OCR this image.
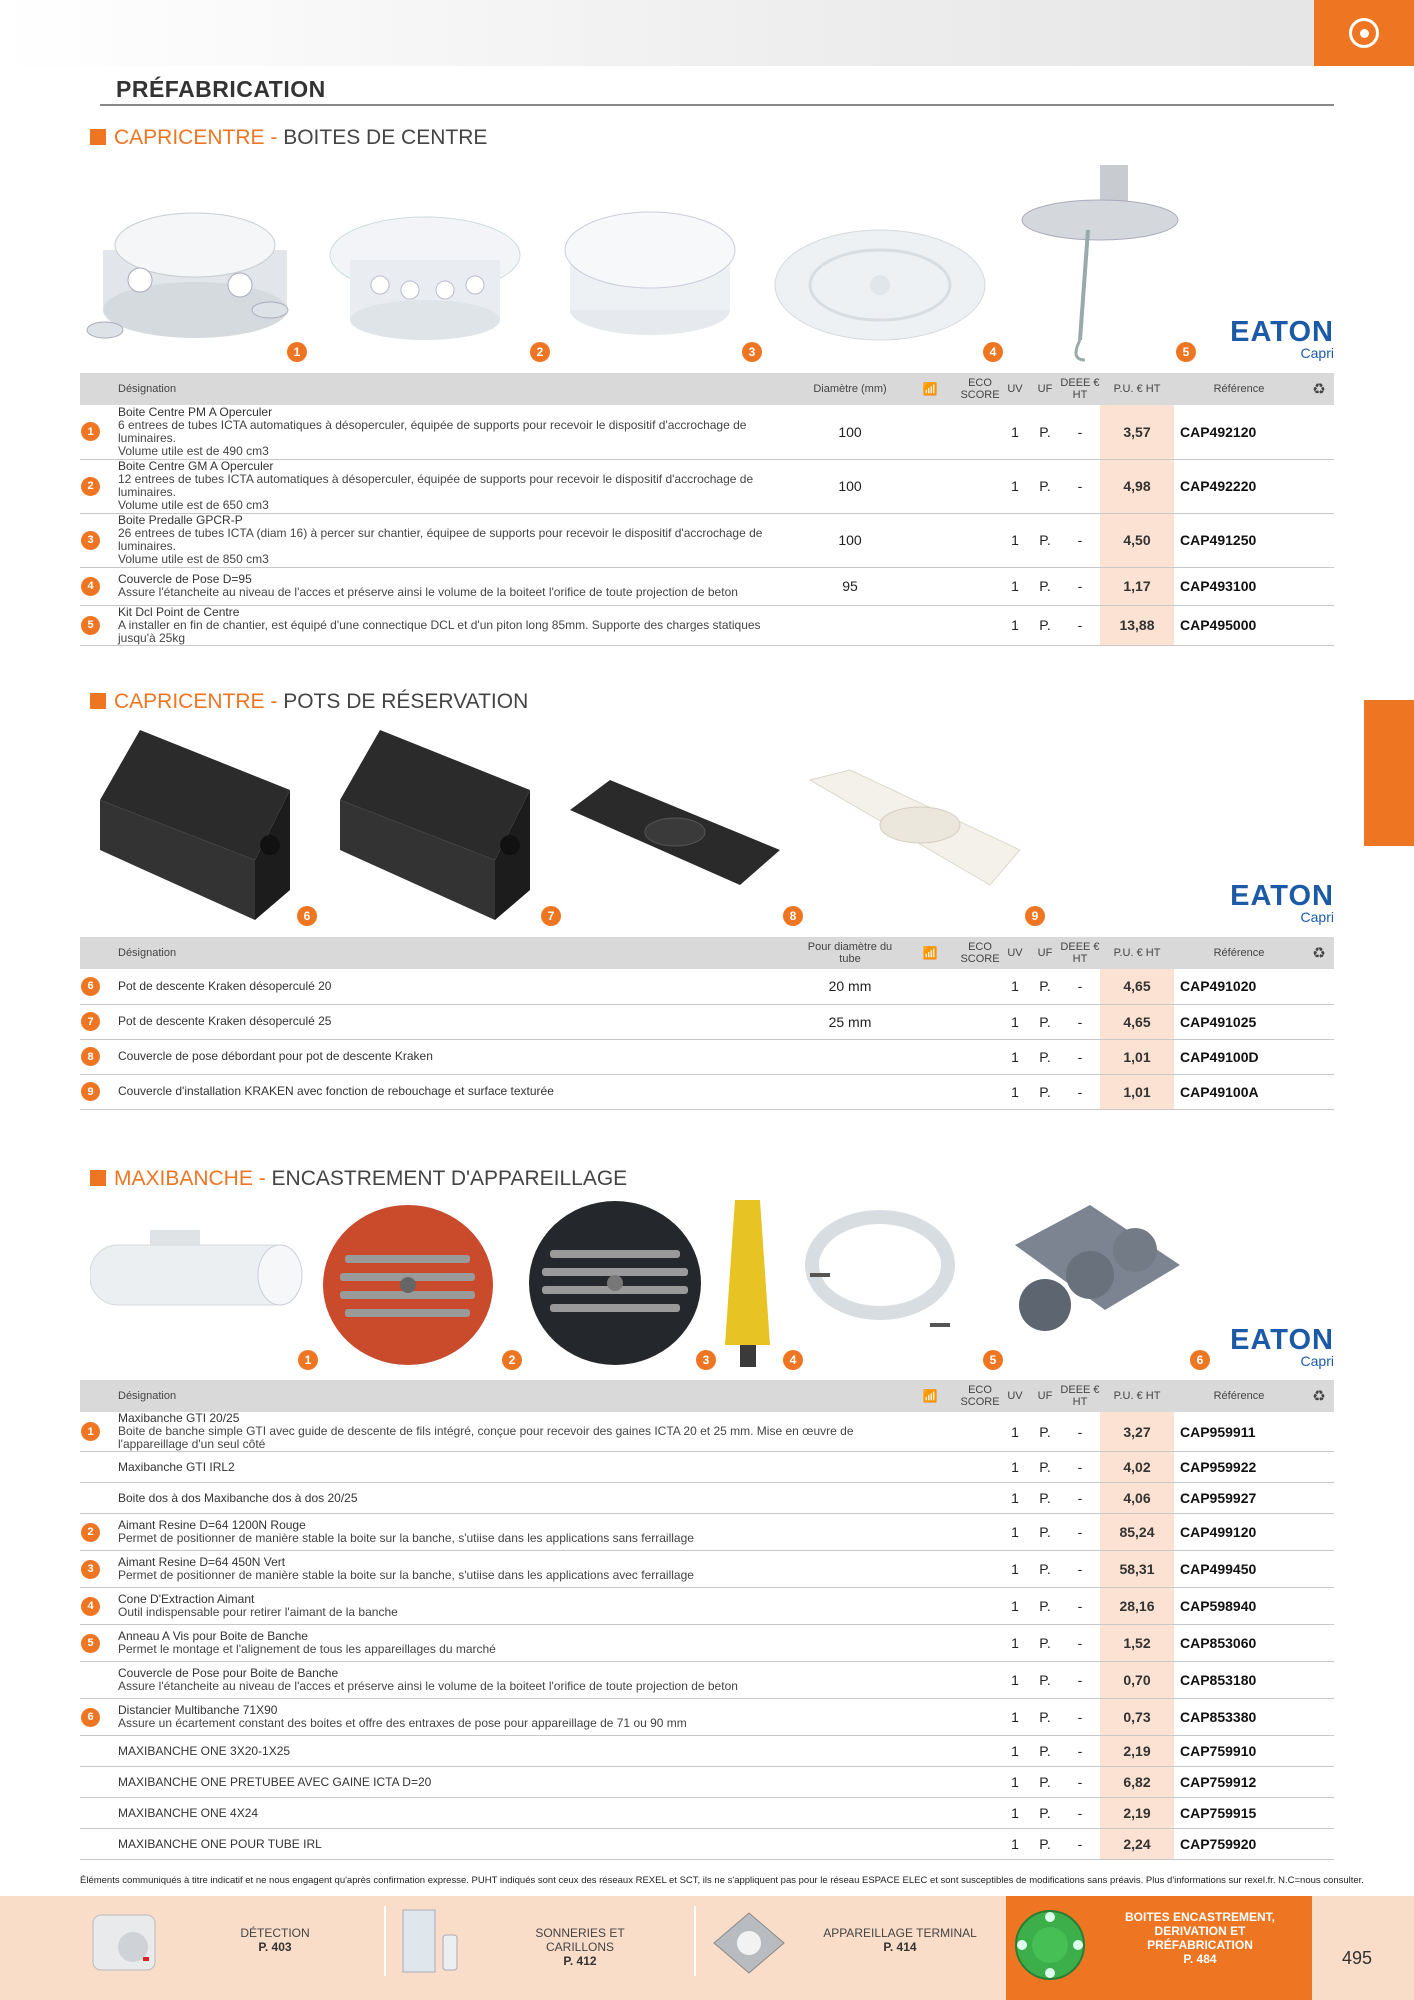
PRÉFABRICATION
CAPRICENTRE - BOITES DE CENTRE
1	2	3	4	5
EATON
Capri
	Désignation	Diamètre (mm)	📶	ECO SCORE	UV	UF	DEEE € HT	P.U. € HT	Référence	♻

1	Boite Centre PM A Operculer
6 entrees de tubes ICTA automatiques à désoperculer, équipée de supports pour recevoir le dispositif d'accrochage de luminaires.
Volume utile est de 490 cm3	100			1	P.	-	3,57	CAP492120	

2	Boite Centre GM A Operculer
12 entrees de tubes ICTA automatiques à désoperculer, équipée de supports pour recevoir le dispositif d'accrochage de luminaires.
Volume utile est de 650 cm3	100			1	P.	-	4,98	CAP492220	

3	Boite Predalle GPCR-P
26 entrees de tubes ICTA (diam 16) à percer sur chantier, équipee de supports pour recevoir le dispositif d'accrochage de luminaires.
Volume utile est de 850 cm3	100			1	P.	-	4,50	CAP491250	

4	Couvercle de Pose D=95
Assure l'étancheite au niveau de l'acces et préserve ainsi le volume de la boiteet l'orifice de toute projection de beton	95			1	P.	-	1,17	CAP493100	

5	Kit Dcl Point de Centre
A installer en fin de chantier, est équipé d'une connectique DCL et d'un piton long 85mm. Supporte des charges statiques jusqu'à 25kg				1	P.	-	13,88	CAP495000	
CAPRICENTRE - POTS DE RÉSERVATION
6	7	8	9
EATON
Capri
	Désignation	Pour diamètre du tube	📶	ECO SCORE	UV	UF	DEEE € HT	P.U. € HT	Référence	♻

6	Pot de descente Kraken désoperculé 20	20 mm			1	P.	-	4,65	CAP491020	

7	Pot de descente Kraken désoperculé 25	25 mm			1	P.	-	4,65	CAP491025	

8	Couvercle de pose débordant pour pot de descente Kraken				1	P.	-	1,01	CAP49100D	

9	Couvercle d'installation KRAKEN avec fonction de rebouchage et surface texturée				1	P.	-	1,01	CAP49100A	
MAXIBANCHE - ENCASTREMENT D'APPAREILLAGE
1	2	3	4	5	6
EATON
Capri
	Désignation	📶	ECO SCORE	UV	UF	DEEE € HT	P.U. € HT	Référence	♻

1	Maxibanche GTI 20/25
Boite de banche simple GTI avec guide de descente de fils intégré, conçue pour recevoir des gaines ICTA 20 et 25 mm. Mise en œuvre de l'appareillage d'un seul côté			1	P.	-	3,27	CAP959911	

	Maxibanche GTI IRL2			1	P.	-	4,02	CAP959922	

	Boite dos à dos Maxibanche dos à dos 20/25			1	P.	-	4,06	CAP959927	

2	Aimant Resine D=64 1200N Rouge
Permet de positionner de manière stable la boite sur la banche, s'utiise dans les applications sans ferraillage			1	P.	-	85,24	CAP499120	

3	Aimant Resine D=64 450N Vert
Permet de positionner de manière stable la boite sur la banche, s'utiise dans les applications avec ferraillage			1	P.	-	58,31	CAP499450	

4	Cone D'Extraction Aimant
Outil indispensable pour retirer l'aimant de la banche			1	P.	-	28,16	CAP598940	

5	Anneau A Vis pour Boite de Banche
Permet le montage et l'alignement de tous les appareillages du marché			1	P.	-	1,52	CAP853060	

	Couvercle de Pose pour Boite de Banche
Assure l'étancheite au niveau de l'acces et préserve ainsi le volume de la boiteet l'orifice de toute projection de beton			1	P.	-	0,70	CAP853180	

6	Distancier Multibanche 71X90
Assure un écartement constant des boites et offre des entraxes de pose pour appareillage de 71 ou 90 mm			1	P.	-	0,73	CAP853380	

	MAXIBANCHE ONE 3X20-1X25			1	P.	-	2,19	CAP759910	

	MAXIBANCHE ONE PRETUBEE AVEC GAINE ICTA D=20			1	P.	-	6,82	CAP759912	

	MAXIBANCHE ONE 4X24			1	P.	-	2,19	CAP759915	

	MAXIBANCHE ONE POUR TUBE IRL			1	P.	-	2,24	CAP759920	
Éléments communiqués à titre indicatif et ne nous engagent qu'après confirmation expresse. PUHT indiqués sont ceux des réseaux REXEL et SCT, ils ne s'appliquent pas pour le réseau ESPACE ELEC et sont susceptibles de modifications sans préavis. Plus d'informations sur rexel.fr. N.C=nous consulter.
DÉTECTION
P. 403
SONNERIES ET CARILLONS
P. 412
APPAREILLAGE TERMINAL
P. 414
BOITES ENCASTREMENT, DERIVATION ET PRÉFABRICATION
P. 484	495
